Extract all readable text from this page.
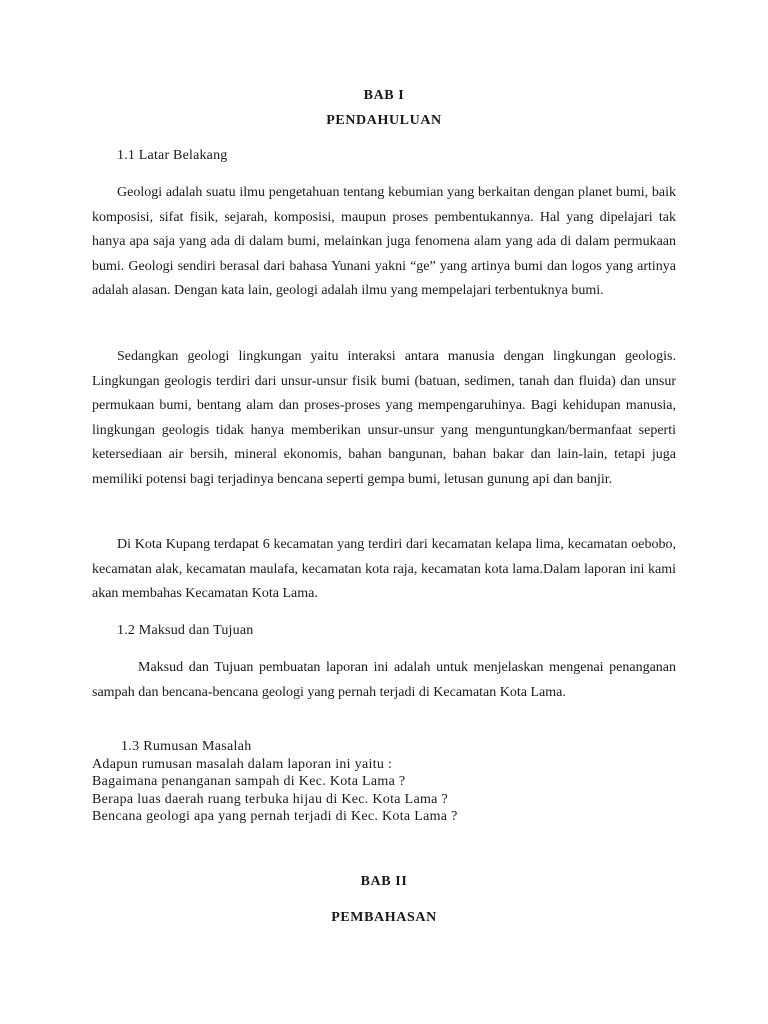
BAB I
PENDAHULUAN
1.1 Latar Belakang

Geologi adalah suatu ilmu pengetahuan tentang kebumian yang berkaitan dengan planet bumi, baik komposisi, sifat fisik, sejarah, komposisi, maupun proses pembentukannya. Hal yang dipelajari tak hanya apa saja yang ada di dalam bumi, melainkan juga fenomena alam yang ada di dalam permukaan bumi. Geologi sendiri berasal dari bahasa Yunani yakni “ge” yang artinya bumi dan logos yang artinya adalah alasan. Dengan kata lain, geologi adalah ilmu yang mempelajari terbentuknya bumi.

Sedangkan geologi lingkungan yaitu interaksi antara manusia dengan lingkungan geologis. Lingkungan geologis terdiri dari unsur-unsur fisik bumi (batuan, sedimen, tanah dan fluida) dan unsur permukaan bumi, bentang alam dan proses-proses yang mempengaruhinya. Bagi kehidupan manusia, lingkungan geologis tidak hanya memberikan unsur-unsur yang menguntungkan/bermanfaat seperti ketersediaan air bersih, mineral ekonomis, bahan bangunan, bahan bakar dan lain-lain, tetapi juga memiliki potensi bagi terjadinya bencana seperti gempa bumi, letusan gunung api dan banjir.

Di Kota Kupang terdapat 6 kecamatan yang terdiri dari kecamatan kelapa lima, kecamatan oebobo, kecamatan alak, kecamatan maulafa, kecamatan kota raja, kecamatan kota lama.Dalam laporan ini kami akan membahas Kecamatan Kota Lama.

1.2 Maksud dan Tujuan

Maksud dan Tujuan pembuatan laporan ini adalah untuk menjelaskan mengenai penanganan sampah dan bencana-bencana geologi yang pernah terjadi di Kecamatan Kota Lama.

1.3 Rumusan Masalah
Adapun rumusan masalah dalam laporan ini yaitu :
Bagaimana penanganan sampah di Kec. Kota Lama ?
Berapa luas daerah ruang terbuka hijau di Kec. Kota Lama ?
Bencana geologi apa yang pernah terjadi di Kec. Kota Lama ?
BAB II
PEMBAHASAN
